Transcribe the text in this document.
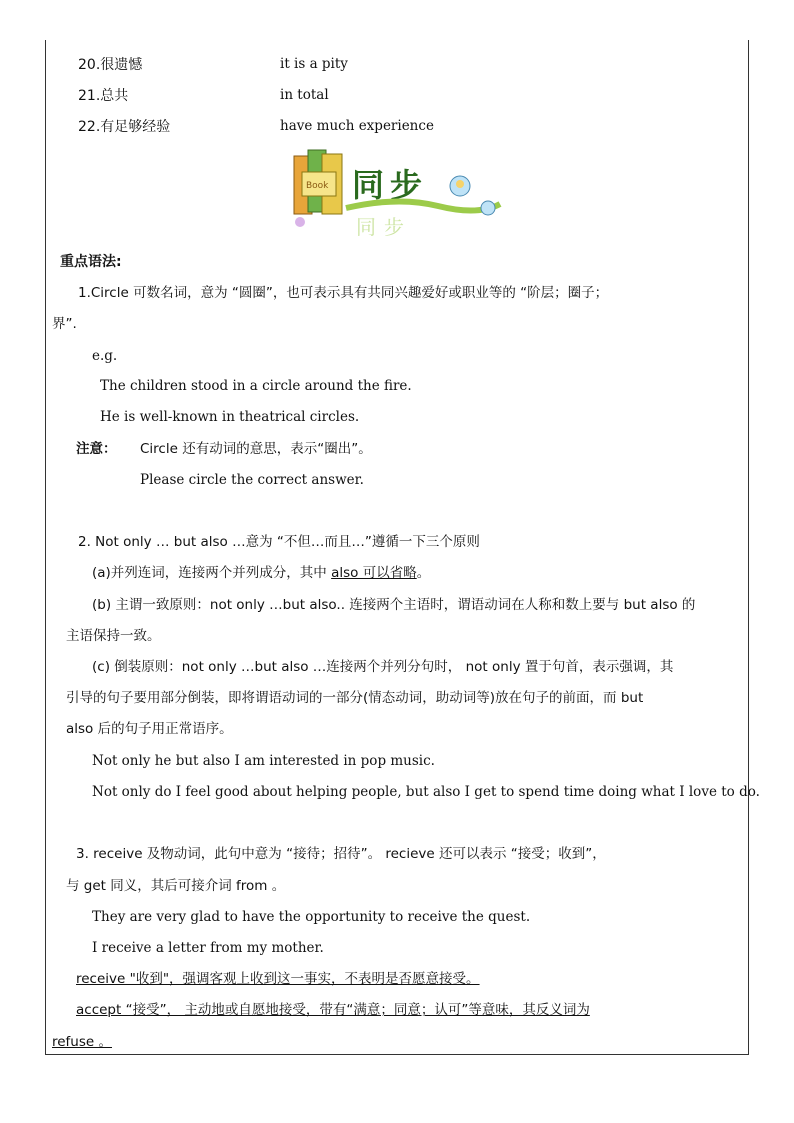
20.很遗憾	it is a pity
21.总共	in total
22.有足够经验	have much experience
Book 同步
同步
重点语法:
1.Circle 可数名词，意为 “圆圈”，也可表示具有共同兴趣爱好或职业等的 “阶层；圈子；
界”.
e.g.
The children stood in a circle around the fire.
He is well-known in theatrical circles.
注意： Circle 还有动词的意思，表示“圈出”。
Please circle the correct answer.
2. Not only … but also …意为 “不但…而且…”遵循一下三个原则
(a)并列连词，连接两个并列成分，其中 also 可以省略。
(b) 主谓一致原则：not only …but also.. 连接两个主语时，谓语动词在人称和数上要与 but also 的
主语保持一致。
(c) 倒装原则：not only …but also …连接两个并列分句时， not only 置于句首，表示强调，其
引导的句子要用部分倒装，即将谓语动词的一部分(情态动词，助动词等)放在句子的前面，而 but
also 后的句子用正常语序。
Not only he but also I am interested in pop music.
Not only do I feel good about helping people, but also I get to spend time doing what I love to do.
3. receive 及物动词，此句中意为 “接待；招待”。 recieve 还可以表示 “接受；收到”，
与 get 同义，其后可接介词 from 。
They are very glad to have the opportunity to receive the quest.
I receive a letter from my mother.
receive "收到"，强调客观上收到这一事实，不表明是否愿意接受。
accept “接受”， 主动地或自愿地接受，带有“满意；同意；认可”等意味，其反义词为
refuse 。
